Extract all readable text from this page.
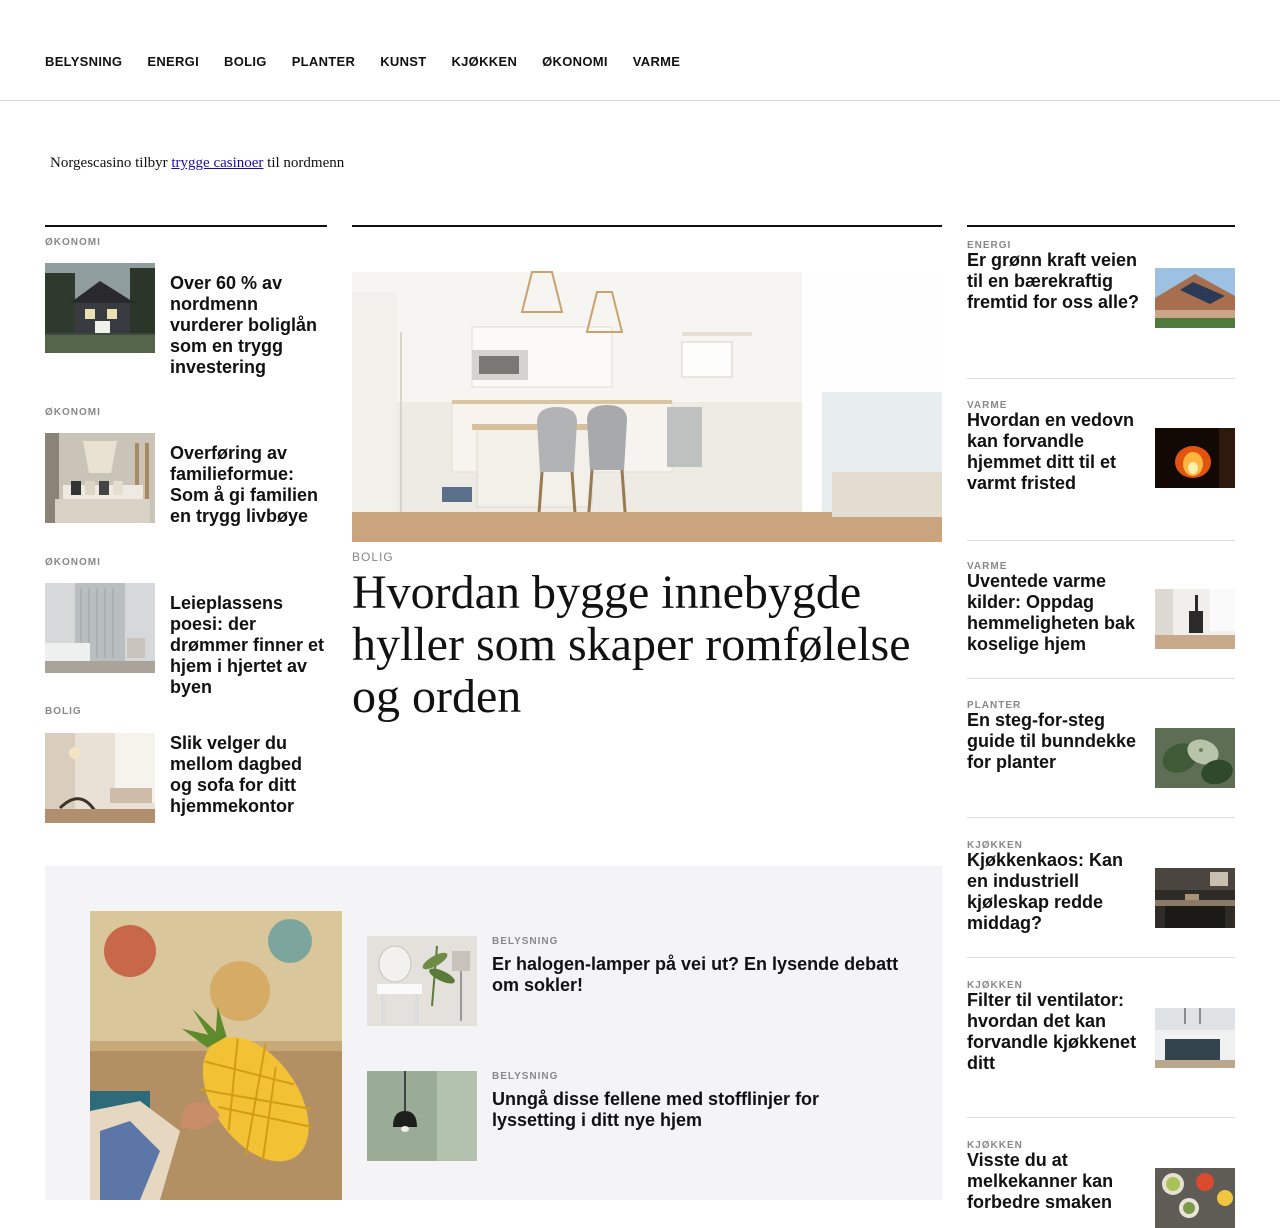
BELYSNING ENERGI BOLIG PLANTER KUNST KJØKKEN ØKONOMI VARME

Norgescasino tilbyr trygge casinoer til nordmenn

ØKONOMI
Over 60 % av nordmenn vurderer boliglån som en trygg investering
ØKONOMI
Overføring av familieformue: Som å gi familien en trygg livbøye
ØKONOMI
Leieplassens poesi: der drømmer finner et hjem i hjertet av byen
BOLIG
Slik velger du mellom dagbed og sofa for ditt hjemmekontor
BOLIG
Hvordan bygge innebygde hyller som skaper romfølelse og orden
ENERGI
Er grønn kraft veien til en bærekraftig fremtid for oss alle?
VARME
Hvordan en vedovn kan forvandle hjemmet ditt til et varmt fristed
VARME
Uventede varme kilder: Oppdag hemmeligheten bak koselige hjem
PLANTER
En steg-for-steg guide til bunndekke for planter
KJØKKEN
Kjøkkenkaos: Kan en industriell kjøleskap redde middag?
KJØKKEN
Filter til ventilator: hvordan det kan forvandle kjøkkenet ditt
KJØKKEN
Visste du at melkekanner kan forbedre smaken
BELYSNING
Er halogen-lamper på vei ut? En lysende debatt om sokler!
BELYSNING
Unngå disse fellene med stofflinjer for lyssetting i ditt nye hjem
